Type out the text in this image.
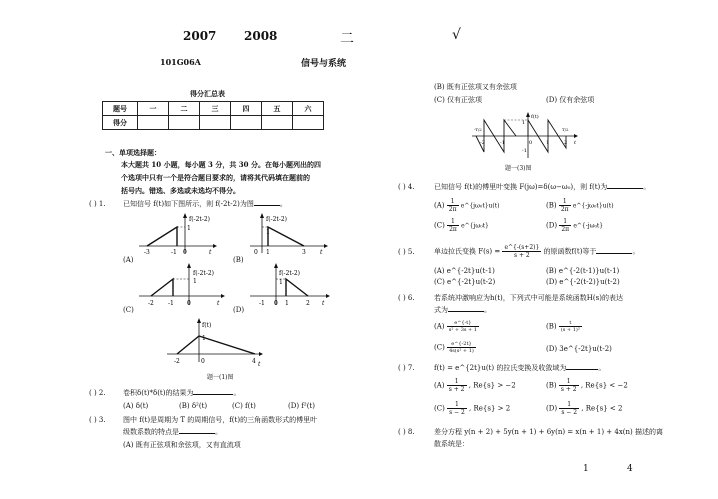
2007 2008	二	√
101G06A	信号与系统
得分汇总表
题号	一	二	三	四	五	六
得分						
一、单项选择题：
本大题共 10 小题，每小题 3 分，共 30 分。在每小题列出的四
个选项中只有一个是符合题目要求的，请将其代码填在题前的
括号内。错选、多选或未选均不得分。
( ) 1. 已知信号 f(t)如下图所示，则 f(-2t-2)为图	。
(A)	(B)
(C)	(D)
f(-2t-2)
1
-3	-1 0	t
f(-2t-2)
1
0 1	3 t
f(-2t-2)
1
-2 -1 0	t
f(-2t-2)
1
-1 0 1	2 t
f(t)
1
-2	0	4 t
题一(1)图
( ) 2. 卷积δ(t)*δ(t)的结果为	。
(A) δ(t)	(B) δ²(t)	(C) f(t)	(D) f²(t)
( ) 3. 图中 f(t)是周期为 T 的周期信号，f(t)的三角函数形式的傅里叶
级数系数的特点是	。
(A) 既有正弦项和余弦项，又有直流项
(B) 既有正弦项又有余弦项
(C) 仅有正弦项	(D) 仅有余弦项
f(t)
1
-1
-2	-1	0	1	2
-T/2	T/2
t
题一(3)图
( ) 4.	已知信号 f(t)的傅里叶变换 F(jω)=δ(ω−ω₀)，则 f(t)为	。
$(A) \frac{1}{2\pi}$ e^{jω₀t}u(t)	$(B) \frac{1}{2\pi}$ e^{-jω₀t}u(t)
$(C) \frac{1}{2\pi}$ e^{jω₀t}	$(D) \frac{1}{2\pi}$ e^{-jω₀t}
( ) 5.	单边拉氏变换 $F(s) = \frac{e\^{}\{-(s+2)\}}{s + 2}$ 的原函数f(t)等于	。
(A) e^{-2t}u(t-1)	(B) e^{-2(t-1)}u(t-1)
(C) e^{-2t}u(t-2)	(D) e^{-2(t-2)}u(t-2)
( ) 6.	若系统冲激响应为h(t)，下列式中可能是系统函数H(s)的表达
式为	。
$(A) \frac{e\^{}\{-t\}}{\text{s² + 3s + 1}}$	$(B) \frac{t}{\text{(s + 1)²}}$
$(C) \frac{e\^{}\{-2t\}}{\text{4s(s² + 1)}}$	(D) 3e^{-2t}u(t-2)
( ) 7.	f(t) = e^{2t}u(t) 的拉氏变换及收敛域为	。
$(A) \frac{1}{s + 2}$ , Re{s} > −2	$(B) \frac{1}{s + 2}$ , Re{s} < −2
$(C) \frac{1}{s - 2}$ , Re{s} > 2	$(D) \frac{1}{s - 2}$ , Re{s} < 2
( ) 8.	差分方程 y(n + 2) + 5y(n + 1) + 6y(n) = x(n + 1) + 4x(n) 描述的离
散系统是：
1	4
